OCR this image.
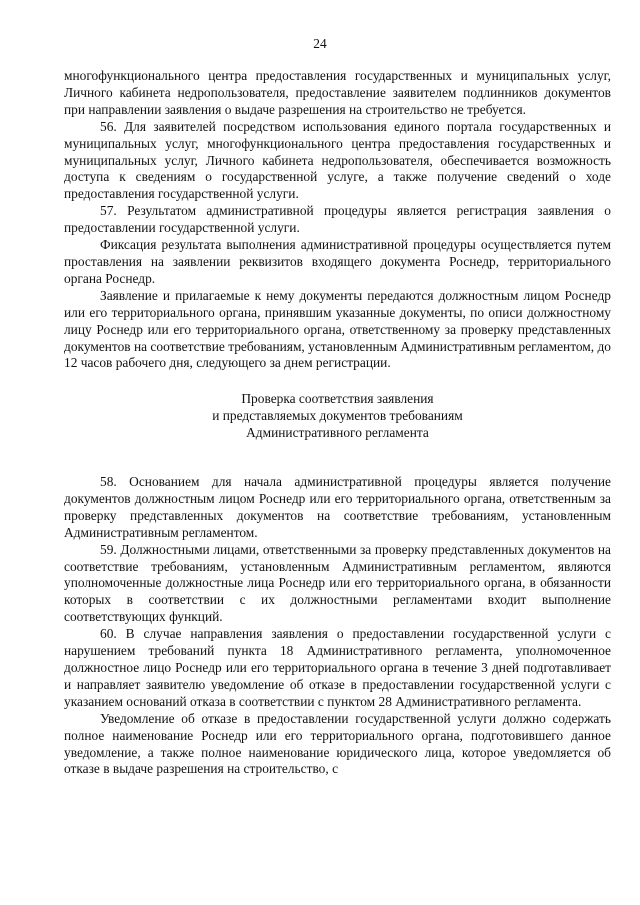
24

многофункционального центра предоставления государственных и муниципальных услуг, Личного кабинета недропользователя, предоставление заявителем подлинников документов при направлении заявления о выдаче разрешения на строительство не требуется.

56. Для заявителей посредством использования единого портала государственных и муниципальных услуг, многофункционального центра предоставления государственных и муниципальных услуг, Личного кабинета недропользователя, обеспечивается возможность доступа к сведениям о государственной услуге, а также получение сведений о ходе предоставления государственной услуги.

57. Результатом административной процедуры является регистрация заявления о предоставлении государственной услуги.

Фиксация результата выполнения административной процедуры осуществляется путем проставления на заявлении реквизитов входящего документа Роснедр, территориального органа Роснедр.

Заявление и прилагаемые к нему документы передаются должностным лицом Роснедр или его территориального органа, принявшим указанные документы, по описи должностному лицу Роснедр или его территориального органа, ответственному за проверку представленных документов на соответствие требованиям, установленным Административным регламентом, до 12 часов рабочего дня, следующего за днем регистрации.

Проверка соответствия заявления
и представляемых документов требованиям
Административного регламента

58. Основанием для начала административной процедуры является получение документов должностным лицом Роснедр или его территориального органа, ответственным за проверку представленных документов на соответствие требованиям, установленным Административным регламентом.

59. Должностными лицами, ответственными за проверку представленных документов на соответствие требованиям, установленным Административным регламентом, являются уполномоченные должностные лица Роснедр или его территориального органа, в обязанности которых в соответствии с их должностными регламентами входит выполнение соответствующих функций.

60. В случае направления заявления о предоставлении государственной услуги с нарушением требований пункта 18 Административного регламента, уполномоченное должностное лицо Роснедр или его территориального органа в течение 3 дней подготавливает и направляет заявителю уведомление об отказе в предоставлении государственной услуги с указанием оснований отказа в соответствии с пунктом 28 Административного регламента.

Уведомление об отказе в предоставлении государственной услуги должно содержать полное наименование Роснедр или его территориального органа, подготовившего данное уведомление, а также полное наименование юридического лица, которое уведомляется об отказе в выдаче разрешения на строительство, с
